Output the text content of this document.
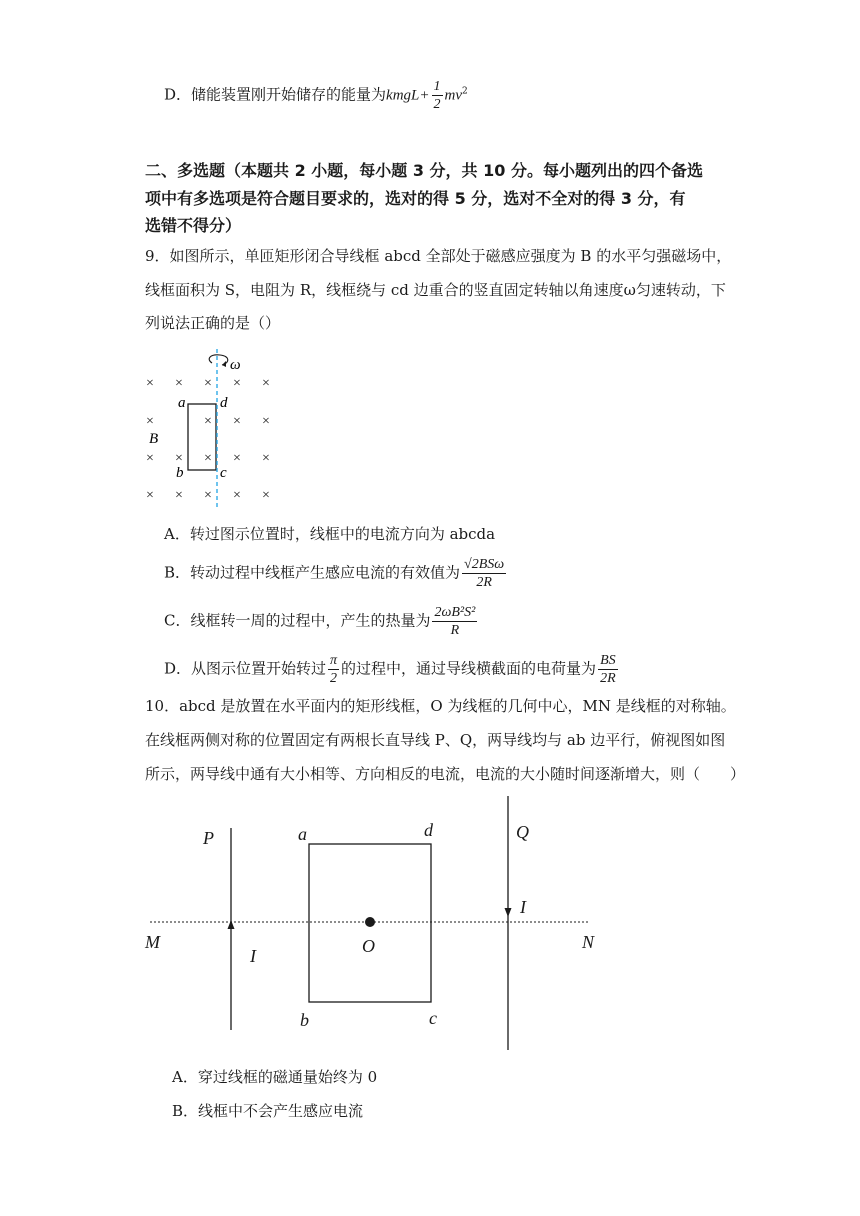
D．储能装置刚开始储存的能量为kmgL+ $\frac{1}{2} mv^2$
二、多选题（本题共 2 小题，每小题 3 分，共 10 分。每小题列出的四个备选
项中有多选项是符合题目要求的，选对的得 5 分，选对不全对的得 3 分，有
选错不得分）
9．如图所示，单匝矩形闭合导线框 abcd 全部处于磁感应强度为 B 的水平匀强磁场中，
线框面积为 S，电阻为 R，线框绕与 cd 边重合的竖直固定转轴以角速度ω匀速转动，下
列说法正确的是（）
× × × × ×
×	× × ×
× × × × ×
× × × × ×
ω
a d
b c
B
A．转过图示位置时，线框中的电流方向为 abcda
B．转动过程中线框产生感应电流的有效值为 $\frac{\text{√2BSω}}{2R}$
C．线框转一周的过程中，产生的热量为 $\frac{\text{2ωB²S²}}{R}$
D．从图示位置开始转过 $\frac{\pi}{2}$ 的过程中，通过导线横截面的电荷量为 $\frac{BS}{2R}$
10．abcd 是放置在水平面内的矩形线框，O 为线框的几何中心，MN 是线框的对称轴。
在线框两侧对称的位置固定有两根长直导线 P、Q，两导线均与 ab 边平行，俯视图如图
所示，两导线中通有大小相等、方向相反的电流，电流的大小随时间逐渐增大，则（　　）
P	Q
M	N
O
I
I
a	d
b	c
A．穿过线框的磁通量始终为 0
B．线框中不会产生感应电流
